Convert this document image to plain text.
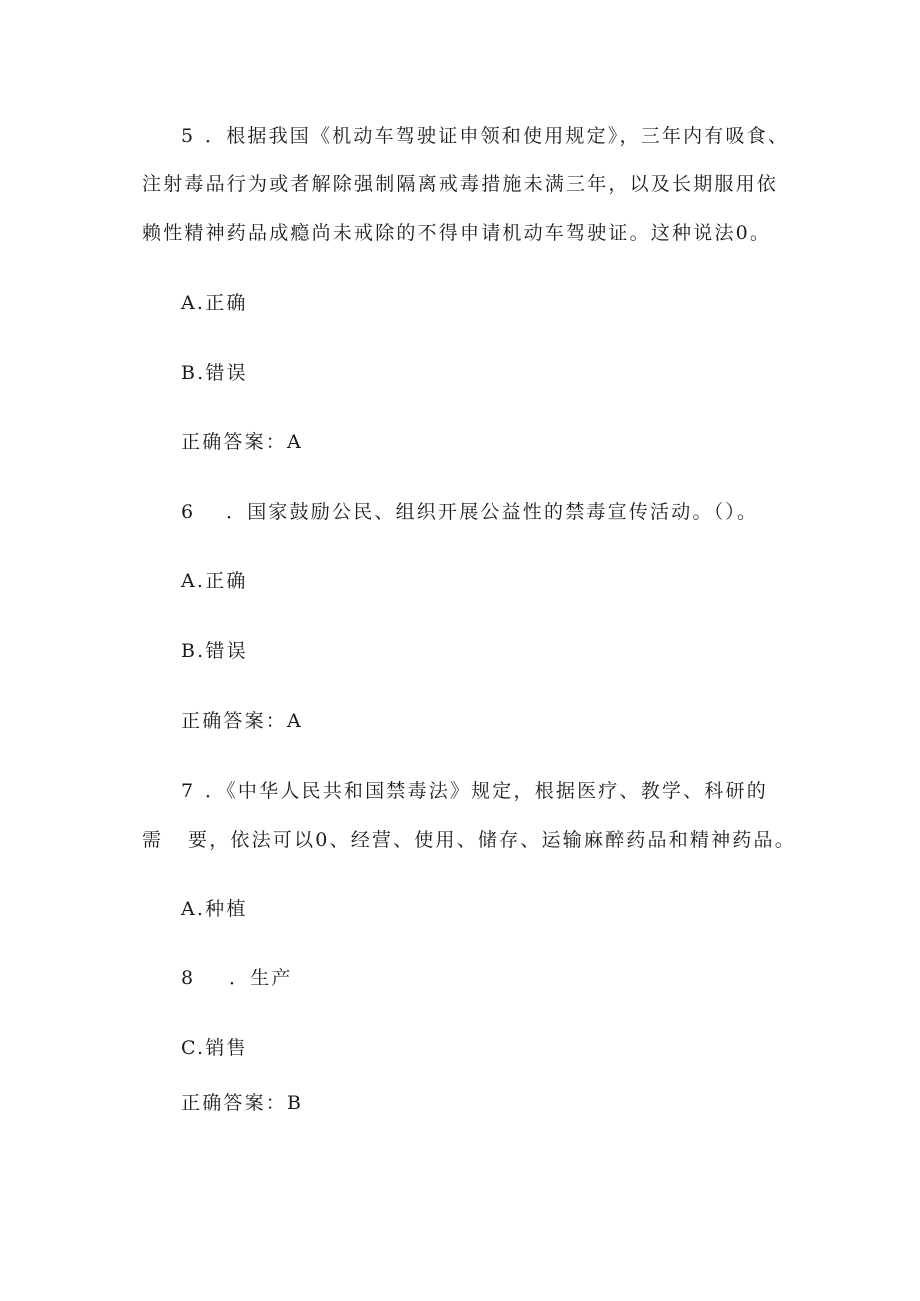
5 ．根据我国《机动车驾驶证申领和使用规定》，三年内有吸食、
注射毒品行为或者解除强制隔离戒毒措施未满三年，以及长期服用依
赖性精神药品成瘾尚未戒除的不得申请机动车驾驶证。这种说法0。
A.正确
B.错误
正确答案：A
6 ．国家鼓励公民、组织开展公益性的禁毒宣传活动。（）。
A.正确
B.错误
正确答案：A
7 ．《中华人民共和国禁毒法》规定，根据医疗、教学、科研的
需 要，依法可以0、经营、使用、储存、运输麻醉药品和精神药品。
A.种植
8 ．生产
C.销售
正确答案：B
